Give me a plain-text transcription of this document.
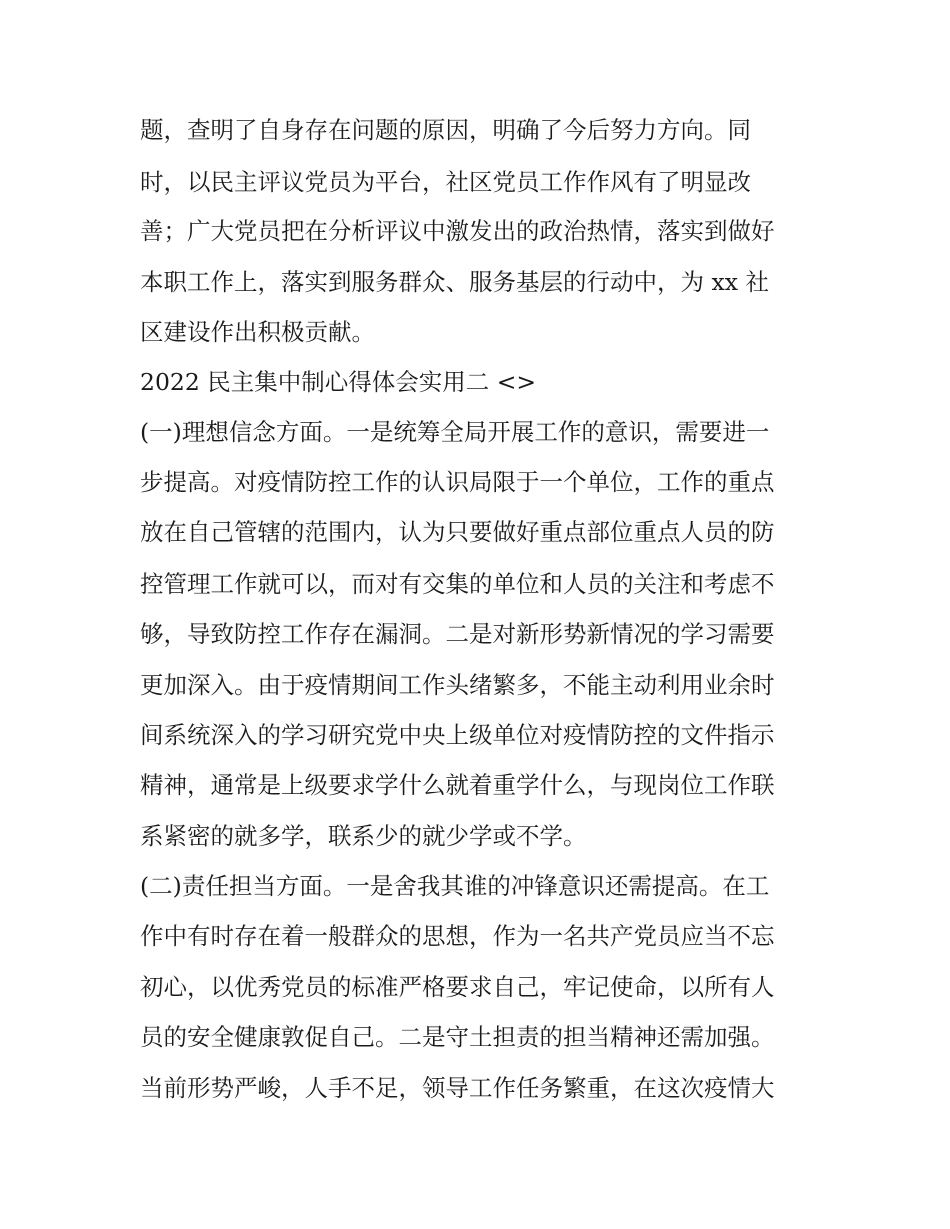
题，查明了自身存在问题的原因，明确了今后努力方向。同
时，以民主评议党员为平台，社区党员工作作风有了明显改
善；广大党员把在分析评议中激发出的政治热情，落实到做好
本职工作上，落实到服务群众、服务基层的行动中，为 xx 社
区建设作出积极贡献。
2022 民主集中制心得体会实用二 <>
(一)理想信念方面。一是统筹全局开展工作的意识，需要进一
步提高。对疫情防控工作的认识局限于一个单位，工作的重点
放在自己管辖的范围内，认为只要做好重点部位重点人员的防
控管理工作就可以，而对有交集的单位和人员的关注和考虑不
够，导致防控工作存在漏洞。二是对新形势新情况的学习需要
更加深入。由于疫情期间工作头绪繁多，不能主动利用业余时
间系统深入的学习研究党中央上级单位对疫情防控的文件指示
精神，通常是上级要求学什么就着重学什么，与现岗位工作联
系紧密的就多学，联系少的就少学或不学。
(二)责任担当方面。一是舍我其谁的冲锋意识还需提高。在工
作中有时存在着一般群众的思想，作为一名共产党员应当不忘
初心，以优秀党员的标准严格要求自己，牢记使命，以所有人
员的安全健康敦促自己。二是守土担责的担当精神还需加强。
当前形势严峻，人手不足，领导工作任务繁重，在这次疫情大
